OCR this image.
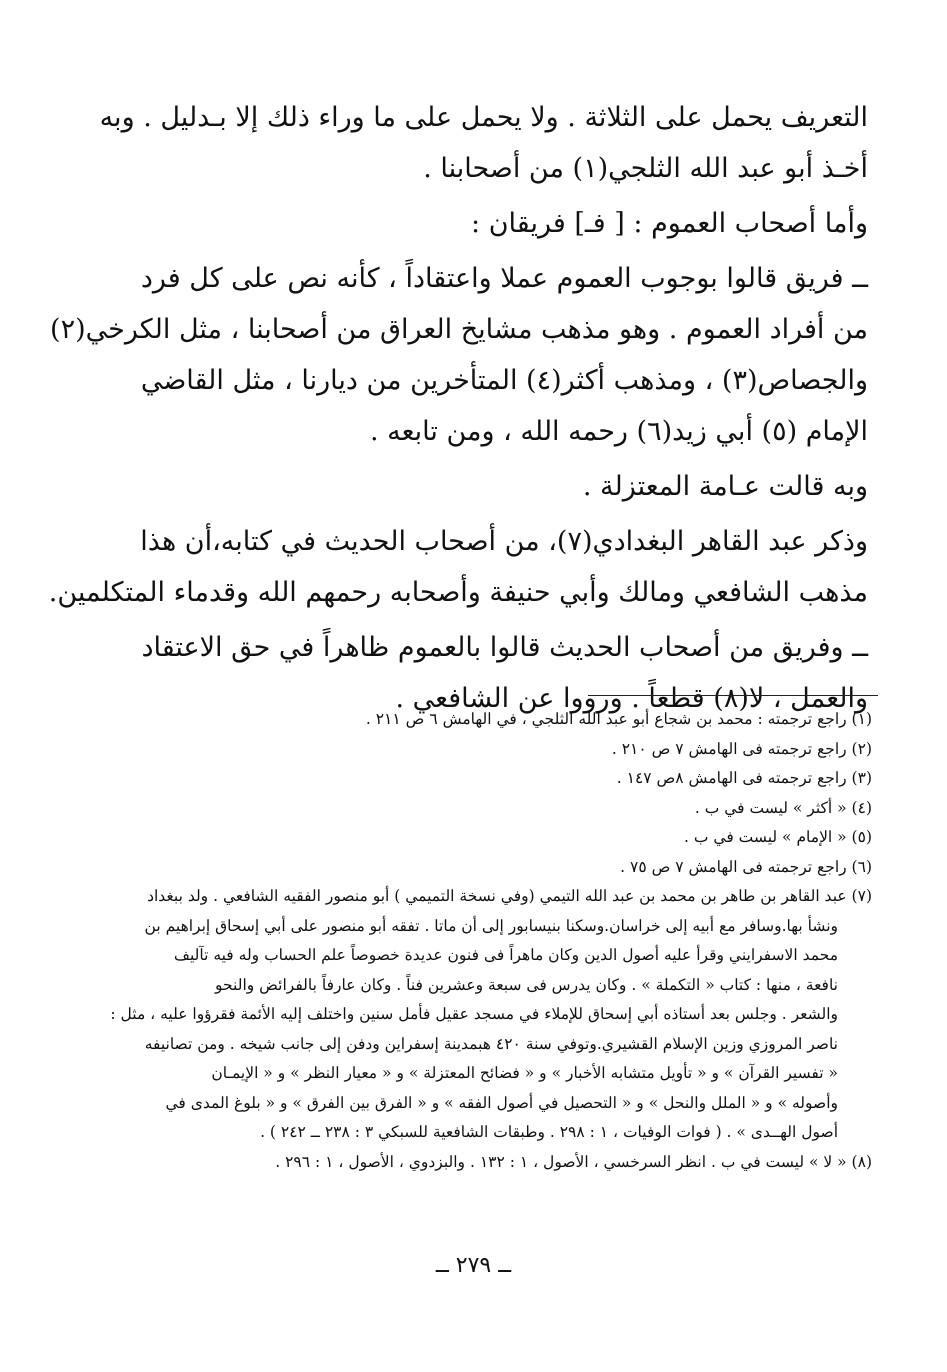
التعريف يحمل على الثلاثة . ولا يحمل على ما وراء ذلك إلا بـدليل . وبه
أخـذ أبو عبد الله الثلجي(١) من أصحابنا .
وأما أصحاب العموم : [ فـ] فريقان :
ــ فريق قالوا بوجوب العموم عملا واعتقاداً ، كأنه نص على كل فرد
من أفراد العموم . وهو مذهب مشايخ العراق من أصحابنا ، مثل الكرخي(٢)
والجصاص(٣) ، ومذهب أكثر(٤) المتأخرين من ديارنا ، مثل القاضي
الإمام (٥) أبي زيد(٦) رحمه الله ، ومن تابعه .
وبه قالت عـامة المعتزلة .
وذكر عبد القاهر البغدادي(٧)، من أصحاب الحديث في كتابه،أن هذا
مذهب الشافعي ومالك وأبي حنيفة وأصحابه رحمهم الله وقدماء المتكلمين.
ــ وفريق من أصحاب الحديث قالوا بالعموم ظاهراً في حق الاعتقاد
والعمل ، لا(٨) قطعاً . ورووا عن الشافعي .
(١) راجع ترجمته : محمد بن شجاع أبو عبد الله الثلجي ، في الهامش ٦ ص ٢١١ .
(٢) راجع ترجمته فى الهامش ٧ ص ٢١٠ .
(٣) راجع ترجمته فى الهامش ٨ص ١٤٧ .
(٤) « أكثر » ليست في ب .
(٥) « الإمام » ليست في ب .
(٦) راجع ترجمته فى الهامش ٧ ص ٧٥ .
(٧) عبد القاهر بن طاهر بن محمد بن عبد الله التيمي (وفي نسخة التميمي ) أبو منصور الفقيه الشافعي . ولد ببغداد
ونشأ بها.وسافر مع أبيه إلى خراسان.وسكنا بنيسابور إلى أن ماتا . تفقه أبو منصور على أبي إسحاق إبراهيم بن
محمد الاسفرايني وقرأ عليه أصول الدين وكان ماهراً فى فنون عديدة خصوصاً علم الحساب وله فيه تآليف
نافعة ، منها : كتاب « التكملة » . وكان يدرس فى سبعة وعشرين فناً . وكان عارفاً بالفرائض والنحو
والشعر . وجلس بعد أستاذه أبي إسحاق للإملاء في مسجد عقيل فأمل سنين واختلف إليه الأئمة فقرؤوا عليه ، مثل :
ناصر المروزي وزين الإسلام القشيري.وتوفي سنة ٤٢٠ هبمدينة إسفراين ودفن إلى جانب شيخه . ومن تصانيفه
« تفسير القرآن » و « تأويل متشابه الأخبار » و « فضائح المعتزلة » و « معيار النظر » و « الإيمـان
وأصوله » و « الملل والنحل » و « التحصيل في أصول الفقه » و « الفرق بين الفرق » و « بلوغ المدى في
أصول الهــدى » . ( فوات الوفيات ، ١ : ٢٩٨ . وطبقات الشافعية للسبكي ٣ : ٢٣٨ ــ ٢٤٢ ) .
(٨) « لا » ليست في ب . انظر السرخسي ، الأصول ، ١ : ١٣٢ . والبزدوي ، الأصول ، ١ : ٢٩٦ .
ــ ٢٧٩ ــ
